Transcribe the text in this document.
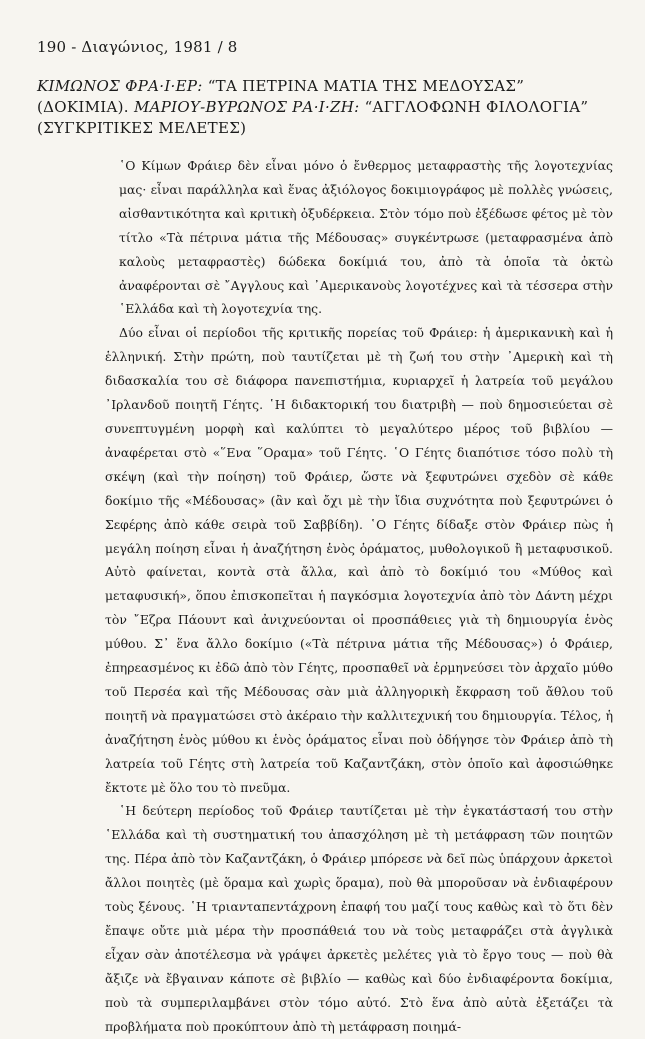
190 - Διαγώνιος, 1981 / 8
ΚΙΜΩΝΟΣ ΦΡΑ·Ι·ΕΡ: “ΤΑ ΠΕΤΡΙΝΑ ΜΑΤΙΑ ΤΗΣ ΜΕΔΟΥΣΑΣ” (ΔΟΚΙΜΙΑ). ΜΑΡΙΟΥ-ΒΥΡΩΝΟΣ ΡΑ·Ι·ΖΗ: “ΑΓΓΛΟΦΩΝΗ ΦΙΛΟΛΟΓΙΑ” (ΣΥΓΚΡΙΤΙΚΕΣ ΜΕΛΕΤΕΣ)

῾Ο Κίμων Φράιερ δὲν εἶναι μόνο ὁ ἔνθερμος μεταφραστὴς τῆς λογοτεχνίας μας· εἶναι παράλληλα καὶ ἕνας ἀξιόλογος δοκιμιογράφος μὲ πολλὲς γνώσεις, αἰσθαντικότητα καὶ κριτικὴ ὀξυδέρκεια. Στὸν τόμο ποὺ ἐξέδωσε φέτος μὲ τὸν τίτλο «Τὰ πέτρινα μάτια τῆς Μέδουσας» συγκέντρωσε (μεταφρασμένα ἀπὸ καλοὺς μεταφραστὲς) δώδεκα δοκίμιά του, ἀπὸ τὰ ὁποῖα τὰ ὀκτὼ ἀναφέρονται σὲ ῎Αγγλους καὶ ᾿Αμερικανοὺς λογοτέχνες καὶ τὰ τέσσερα στὴν ῾Ελλάδα καὶ τὴ λογοτεχνία της.

Δύο εἶναι οἱ περίοδοι τῆς κριτικῆς πορείας τοῦ Φράιερ: ἡ ἀμερικανικὴ καὶ ἡ ἑλληνική. Στὴν πρώτη, ποὺ ταυτίζεται μὲ τὴ ζωή του στὴν ᾿Αμερικὴ καὶ τὴ διδασκαλία του σὲ διάφορα πανεπιστήμια, κυριαρχεῖ ἡ λατρεία τοῦ μεγάλου ᾿Ιρλανδοῦ ποιητῆ Γέητς. ῾Η διδακτορική του διατριβὴ — ποὺ δημοσιεύεται σὲ συνεπτυγμένη μορφὴ καὶ καλύπτει τὸ μεγαλύτερο μέρος τοῦ βιβλίου — ἀναφέρεται στὸ «῞Ενα ῞Οραμα» τοῦ Γέητς. ῾Ο Γέητς διαπότισε τόσο πολὺ τὴ σκέψη (καὶ τὴν ποίηση) τοῦ Φράιερ, ὥστε νὰ ξεφυτρώνει σχεδὸν σὲ κάθε δοκίμιο τῆς «Μέδουσας» (ἂν καὶ ὄχι μὲ τὴν ἴδια συχνότητα ποὺ ξεφυτρώνει ὁ Σεφέρης ἀπὸ κάθε σειρὰ τοῦ Σαββίδη). ῾Ο Γέητς δίδαξε στὸν Φράιερ πὼς ἡ μεγάλη ποίηση εἶναι ἡ ἀναζήτηση ἑνὸς ὁράματος, μυθολογικοῦ ἢ μεταφυσικοῦ. Αὐτὸ φαίνεται, κοντὰ στὰ ἄλλα, καὶ ἀπὸ τὸ δοκίμιό του «Μύθος καὶ μεταφυσική», ὅπου ἐπισκοπεῖται ἡ παγκόσμια λογοτεχνία ἀπὸ τὸν Δάντη μέχρι τὸν ῎Εζρα Πάουντ καὶ ἀνιχνεύονται οἱ προσπάθειες γιὰ τὴ δημιουργία ἑνὸς μύθου. Σ᾿ ἕνα ἄλλο δοκίμιο («Τὰ πέτρινα μάτια τῆς Μέδουσας») ὁ Φράιερ, ἐπηρεασμένος κι ἐδῶ ἀπὸ τὸν Γέητς, προσπαθεῖ νὰ ἑρμηνεύσει τὸν ἀρχαῖο μύθο τοῦ Περσέα καὶ τῆς Μέδουσας σὰν μιὰ ἀλληγορικὴ ἔκφραση τοῦ ἄθλου τοῦ ποιητῆ νὰ πραγματώσει στὸ ἀκέραιο τὴν καλλιτεχνική του δημιουργία. Τέλος, ἡ ἀναζήτηση ἑνὸς μύθου κι ἑνὸς ὁράματος εἶναι ποὺ ὁδήγησε τὸν Φράιερ ἀπὸ τὴ λατρεία τοῦ Γέητς στὴ λατρεία τοῦ Καζαντζάκη, στὸν ὁποῖο καὶ ἀφοσιώθηκε ἔκτοτε μὲ ὅλο του τὸ πνεῦμα.

῾Η δεύτερη περίοδος τοῦ Φράιερ ταυτίζεται μὲ τὴν ἐγκατάστασή του στὴν ῾Ελλάδα καὶ τὴ συστηματική του ἀπασχόληση μὲ τὴ μετάφραση τῶν ποιητῶν της. Πέρα ἀπὸ τὸν Καζαντζάκη, ὁ Φράιερ μπόρεσε νὰ δεῖ πὼς ὑπάρχουν ἀρκετοὶ ἄλλοι ποιητὲς (μὲ ὅραμα καὶ χωρὶς ὅραμα), ποὺ θὰ μποροῦσαν νὰ ἐνδιαφέρουν τοὺς ξένους. ῾Η τριανταπεντάχρονη ἐπαφή του μαζί τους καθὼς καὶ τὸ ὅτι δὲν ἔπαψε οὔτε μιὰ μέρα τὴν προσπάθειά του νὰ τοὺς μεταφράζει στὰ ἀγγλικὰ εἶχαν σὰν ἀποτέλεσμα νὰ γράψει ἀρκετὲς μελέτες γιὰ τὸ ἔργο τους — ποὺ θὰ ἄξιζε νὰ ἔβγαιναν κάποτε σὲ βιβλίο — καθὼς καὶ δύο ἐνδιαφέροντα δοκίμια, ποὺ τὰ συμπεριλαμβάνει στὸν τόμο αὐτό. Στὸ ἕνα ἀπὸ αὐτὰ ἐξετάζει τὰ προβλήματα ποὺ προκύπτουν ἀπὸ τὴ μετάφραση ποιημά-
